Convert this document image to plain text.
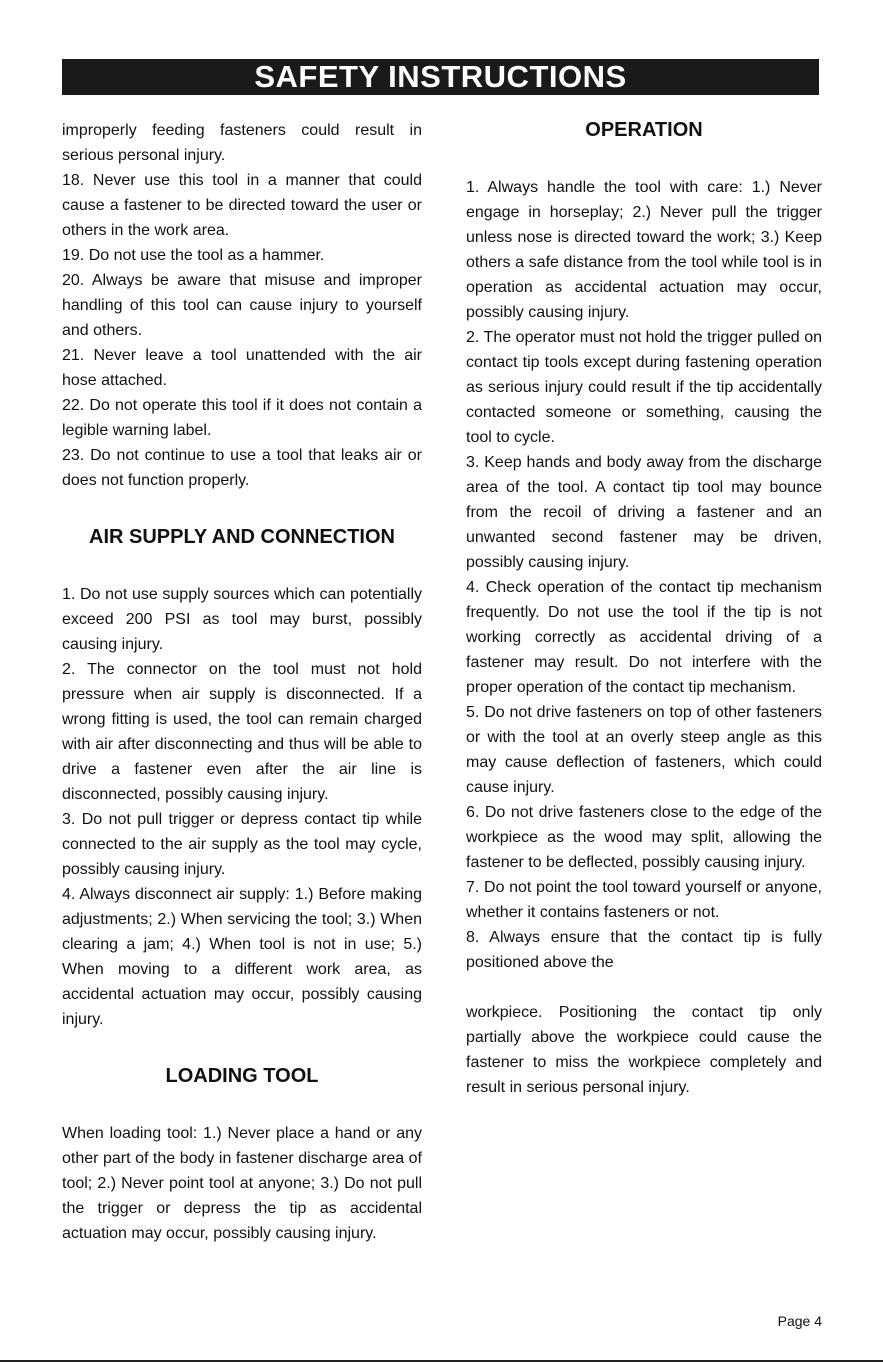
SAFETY INSTRUCTIONS

improperly feeding fasteners could result in serious personal injury.

18. Never use this tool in a manner that could cause a fastener to be directed toward the user or others in the work area.

19. Do not use the tool as a hammer.

20. Always be aware that misuse and improper handling of this tool can cause injury to yourself and others.

21. Never leave a tool unattended with the air hose attached.

22. Do not operate this tool if it does not contain a legible warning label.

23. Do not continue to use a tool that leaks air or does not function properly.

AIR SUPPLY AND CONNECTION

1. Do not use supply sources which can potentially exceed 200 PSI as tool may burst, possibly causing injury.

2. The connector on the tool must not hold pressure when air supply is disconnected. If a wrong fitting is used, the tool can remain charged with air after disconnecting and thus will be able to drive a fastener even after the air line is disconnected, possibly causing injury.

3. Do not pull trigger or depress contact tip while connected to the air supply as the tool may cycle, possibly causing injury.

4. Always disconnect air supply: 1.) Before making adjustments; 2.) When servicing the tool; 3.) When clearing a jam; 4.) When tool is not in use; 5.) When moving to a different work area, as accidental actuation may occur, possibly causing injury.

LOADING TOOL

When loading tool: 1.) Never place a hand or any other part of the body in fastener discharge area of tool; 2.) Never point tool at anyone; 3.) Do not pull the trigger or depress the tip as accidental actuation may occur, possibly causing injury.

OPERATION

1. Always handle the tool with care: 1.) Never engage in horseplay; 2.) Never pull the trigger unless nose is directed toward the work; 3.) Keep others a safe distance from the tool while tool is in operation as accidental actuation may occur, possibly causing injury.

2. The operator must not hold the trigger pulled on contact tip tools except during fastening operation as serious injury could result if the tip accidentally contacted someone or something, causing the tool to cycle.

3. Keep hands and body away from the discharge area of the tool. A contact tip tool may bounce from the recoil of driving a fastener and an unwanted second fastener may be driven, possibly causing injury.

4. Check operation of the contact tip mechanism frequently. Do not use the tool if the tip is not working correctly as accidental driving of a fastener may result. Do not interfere with the proper operation of the contact tip mechanism.

5. Do not drive fasteners on top of other fasteners or with the tool at an overly steep angle as this may cause deflection of fasteners, which could cause injury.

6. Do not drive fasteners close to the edge of the workpiece as the wood may split, allowing the fastener to be deflected, possibly causing injury.

7. Do not point the tool toward yourself or anyone, whether it contains fasteners or not.

8. Always ensure that the contact tip is fully positioned above the

workpiece. Positioning the contact tip only partially above the workpiece could cause the fastener to miss the workpiece completely and result in serious personal injury.

Page 4
